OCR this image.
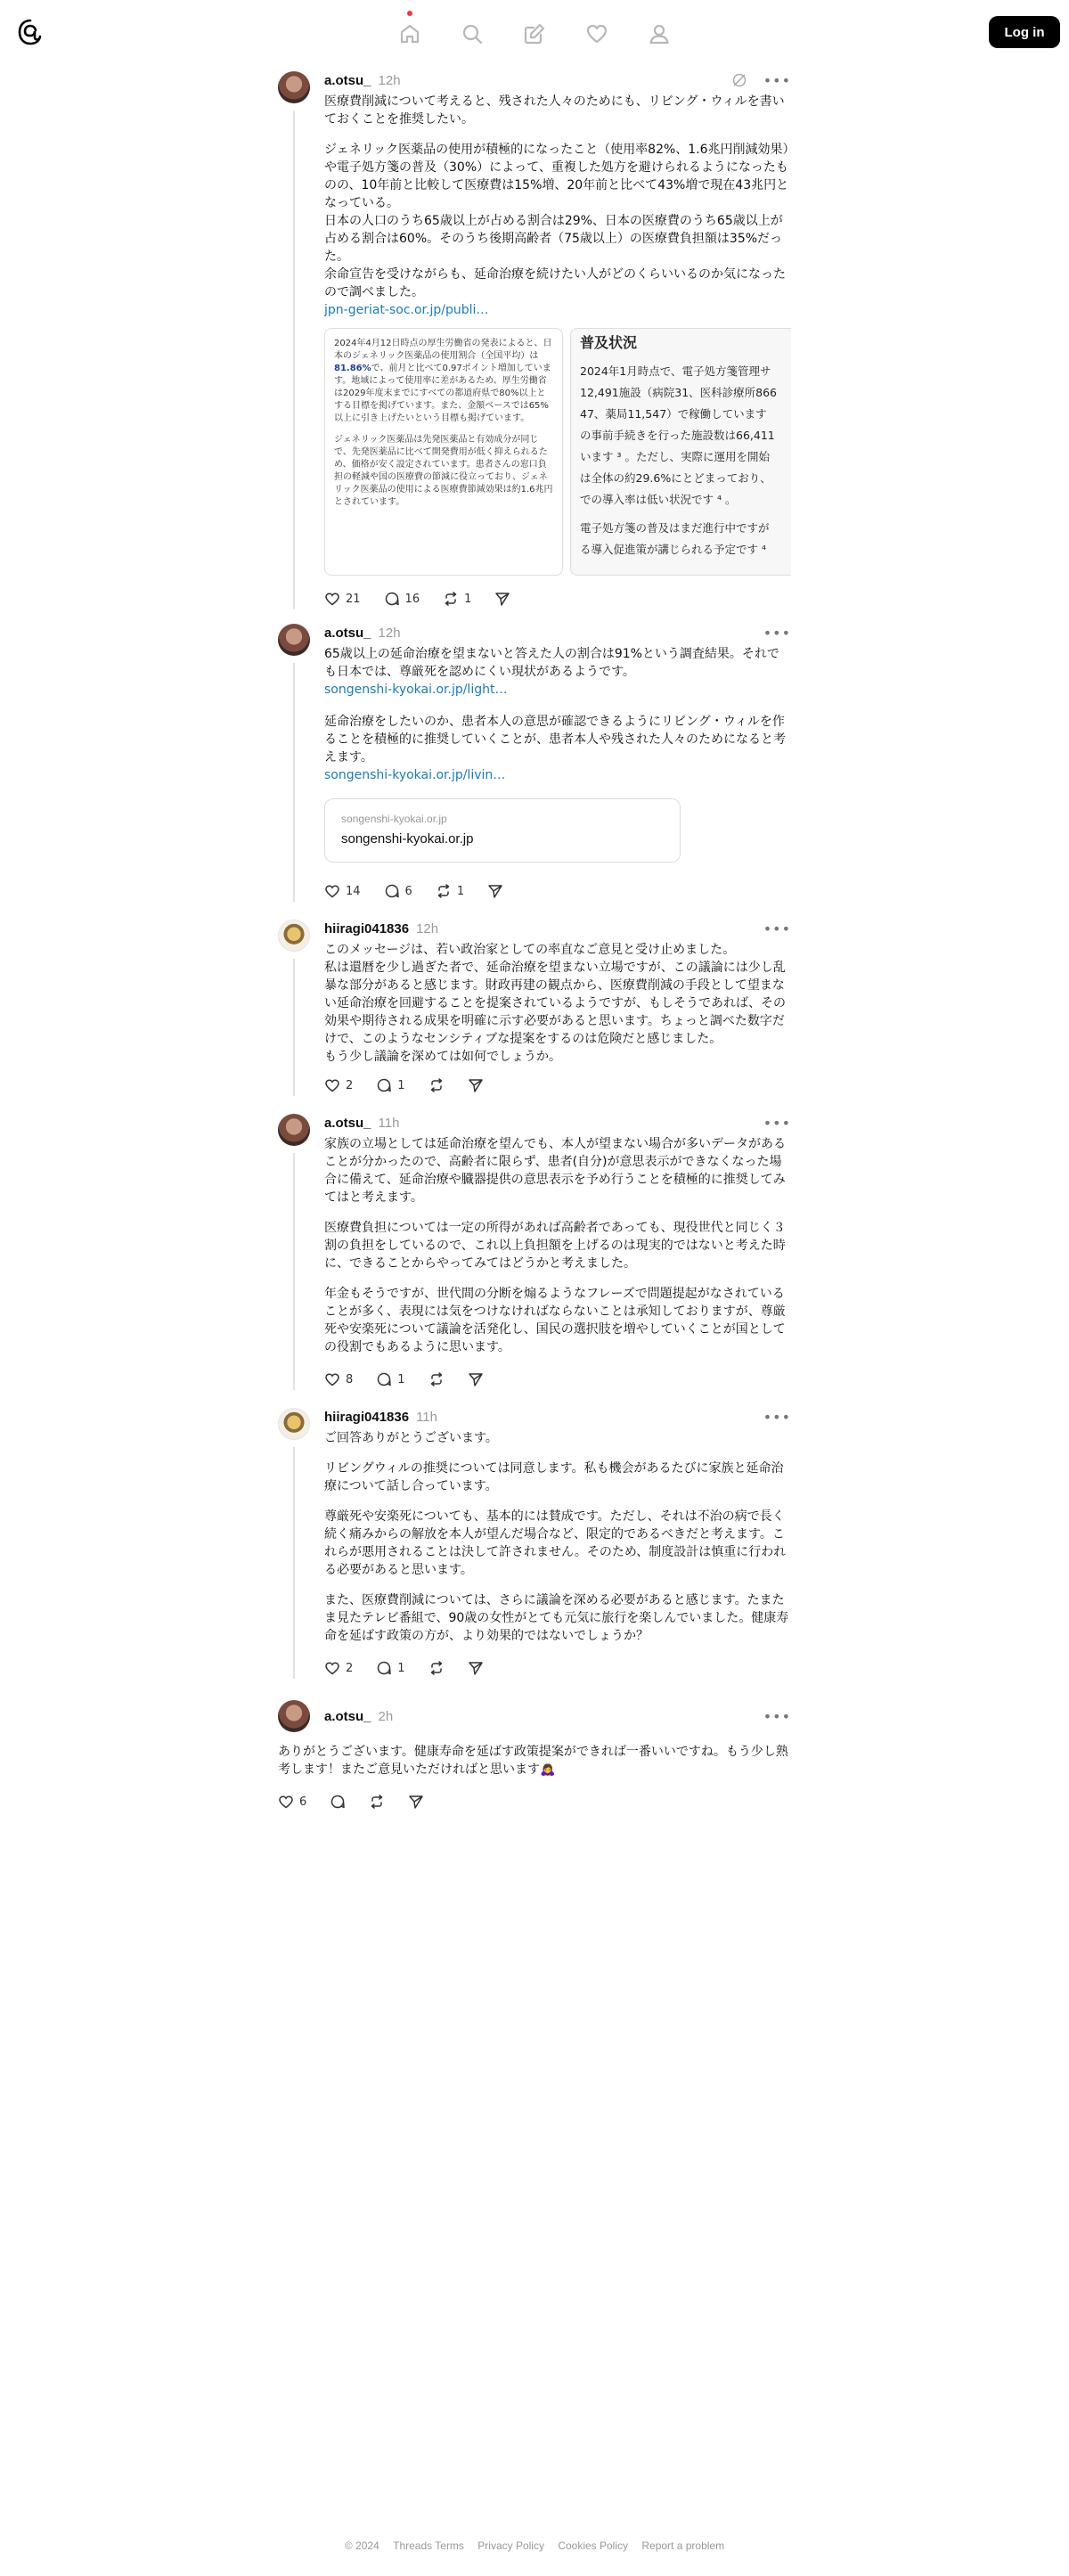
Log in
a.otsu_ 12h	•••
医療費削減について考えると、残された人々のためにも、リビング・ウィルを書いておくことを推奨したい。
ジェネリック医薬品の使用が積極的になったこと（使用率82%、1.6兆円削減効果）や電子処方箋の普及（30%）によって、重複した処方を避けられるようになったものの、10年前と比較して医療費は15%増、20年前と比べて43%増で現在43兆円となっている。
日本の人口のうち65歳以上が占める割合は29%、日本の医療費のうち65歳以上が占める割合は60%。そのうち後期高齢者（75歳以上）の医療費負担額は35%だった。
余命宣告を受けながらも、延命治療を続けたい人がどのくらいいるのか気になったので調べました。
jpn-geriat-soc.or.jp/publi…

2024年4月12日時点の厚生労働省の発表によると、日本のジェネリック医薬品の使用割合（全国平均）は81.86%で、前月と比べて0.97ポイント増加しています。地域によって使用率に差があるため、厚生労働省は2029年度末までにすべての都道府県で80%以上とする目標を掲げています。また、金額ベースでは65%以上に引き上げたいという目標も掲げています。

ジェネリック医薬品は先発医薬品と有効成分が同じで、先発医薬品に比べて開発費用が低く抑えられるため、価格が安く設定されています。患者さんの窓口負担の軽減や国の医療費の節減に役立っており、ジェネリック医薬品の使用による医療費節減効果は約1.6兆円とされています。

普及状況

2024年1月時点で、電子処方箋管理サ
12,491施設（病院31、医科診療所866
47、薬局11,547）で稼働しています
の事前手続きを行った施設数は66,411
います ³ 。ただし、実際に運用を開始
は全体の約29.6%にとどまっており、
での導入率は低い状況です ⁴ 。

電子処方箋の普及はまだ進行中ですが
る導入促進策が講じられる予定です ⁴

21	16	1
a.otsu_ 12h	•••
65歳以上の延命治療を望まないと答えた人の割合は91%という調査結果。それでも日本では、尊厳死を認めにくい現状があるようです。
songenshi-kyokai.or.jp/light…
延命治療をしたいのか、患者本人の意思が確認できるようにリビング・ウィルを作ることを積極的に推奨していくことが、患者本人や残された人々のためになると考えます。
songenshi-kyokai.or.jp/livin…
songenshi-kyokai.or.jp
songenshi-kyokai.or.jp
14	6	1
hiiragi041836 12h	•••
このメッセージは、若い政治家としての率直なご意見と受け止めました。
私は還暦を少し過ぎた者で、延命治療を望まない立場ですが、この議論には少し乱暴な部分があると感じます。財政再建の観点から、医療費削減の手段として望まない延命治療を回避することを提案されているようですが、もしそうであれば、その効果や期待される成果を明確に示す必要があると思います。ちょっと調べた数字だけで、このようなセンシティブな提案をするのは危険だと感じました。
もう少し議論を深めては如何でしょうか。
2	1
a.otsu_ 11h	•••
家族の立場としては延命治療を望んでも、本人が望まない場合が多いデータがあることが分かったので、高齢者に限らず、患者(自分)が意思表示ができなくなった場合に備えて、延命治療や臓器提供の意思表示を予め行うことを積極的に推奨してみてはと考えます。
医療費負担については一定の所得があれば高齢者であっても、現役世代と同じく３割の負担をしているので、これ以上負担額を上げるのは現実的ではないと考えた時に、できることからやってみてはどうかと考えました。
年金もそうですが、世代間の分断を煽るようなフレーズで問題提起がなされていることが多く、表現には気をつけなければならないことは承知しておりますが、尊厳死や安楽死について議論を活発化し、国民の選択肢を増やしていくことが国としての役割でもあるように思います。
8	1
hiiragi041836 11h	•••
ご回答ありがとうございます。
リビングウィルの推奨については同意します。私も機会があるたびに家族と延命治療について話し合っています。
尊厳死や安楽死についても、基本的には賛成です。ただし、それは不治の病で長く続く痛みからの解放を本人が望んだ場合など、限定的であるべきだと考えます。これらが悪用されることは決して許されません。そのため、制度設計は慎重に行われる必要があると思います。
また、医療費削減については、さらに議論を深める必要があると感じます。たまたま見たテレビ番組で、90歳の女性がとても元気に旅行を楽しんでいました。健康寿命を延ばす政策の方が、より効果的ではないでしょうか？
2	1
a.otsu_ 2h	•••
ありがとうございます。健康寿命を延ばす政策提案ができれば一番いいですね。もう少し熟考します！またご意見いただければと思います🙇‍♀️
6
© 2024 Threads Terms Privacy Policy Cookies Policy Report a problem
